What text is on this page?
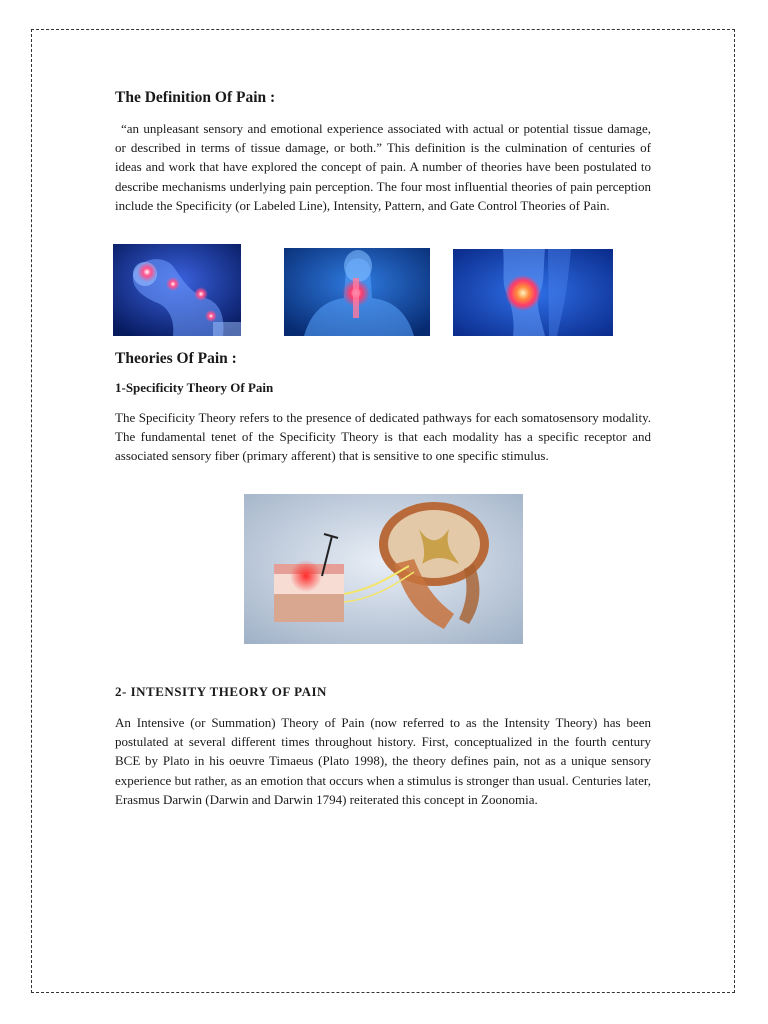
The Definition Of Pain :

“an unpleasant sensory and emotional experience associated with actual or potential tissue damage, or described in terms of tissue damage, or both.” This definition is the culmination of centuries of ideas and work that have explored the concept of pain. A number of theories have been postulated to describe mechanisms underlying pain perception. The four most influential theories of pain perception include the Specificity (or Labeled Line), Intensity, Pattern, and Gate Control Theories of Pain.

Theories Of Pain :
1-Specificity Theory Of Pain

The Specificity Theory refers to the presence of dedicated pathways for each somatosensory modality. The fundamental tenet of the Specificity Theory is that each modality has a specific receptor and associated sensory fiber (primary afferent) that is sensitive to one specific stimulus.

2- INTENSITY THEORY OF PAIN

An Intensive (or Summation) Theory of Pain (now referred to as the Intensity Theory) has been postulated at several different times throughout history. First, conceptualized in the fourth century BCE by Plato in his oeuvre Timaeus (Plato 1998), the theory defines pain, not as a unique sensory experience but rather, as an emotion that occurs when a stimulus is stronger than usual. Centuries later, Erasmus Darwin (Darwin and Darwin 1794) reiterated this concept in Zoonomia.
